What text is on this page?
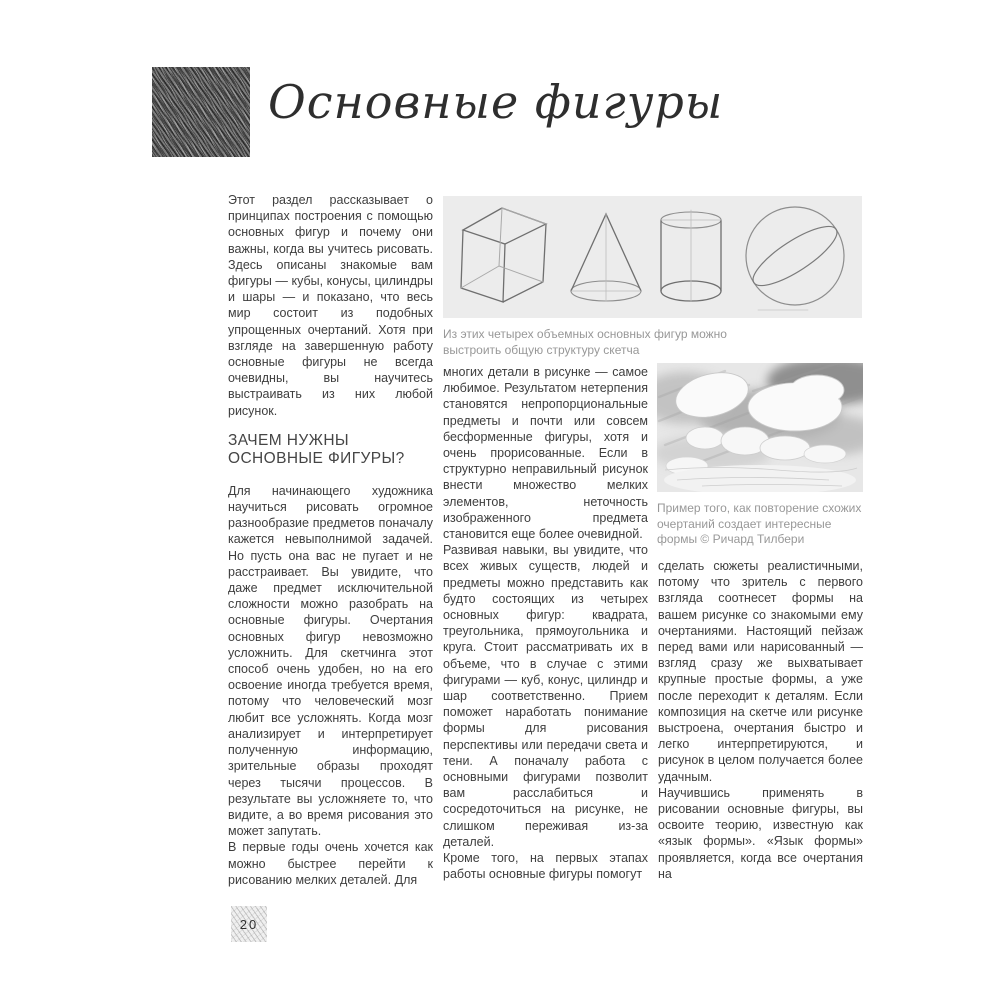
Основные фигуры

Этот раздел рассказывает о принципах построения с помощью основных фигур и почему они важны, когда вы учитесь рисовать. Здесь описаны знакомые вам фигуры — кубы, конусы, цилиндры и шары — и показано, что весь мир состоит из подобных упрощенных очертаний. Хотя при взгляде на завершенную работу основные фигуры не всегда очевидны, вы научитесь выстраивать из них любой рисунок.

ЗАЧЕМ НУЖНЫ
ОСНОВНЫЕ ФИГУРЫ?

Для начинающего художника научиться рисовать огромное разнообразие предметов поначалу кажется невыполнимой задачей. Но пусть она вас не пугает и не расстраивает. Вы увидите, что даже предмет исключительной сложности можно разобрать на основные фигуры. Очертания основных фигур невозможно усложнить. Для скетчинга этот способ очень удобен, но на его освоение иногда требуется время, потому что человеческий мозг любит все усложнять. Когда мозг анализирует и интерпретирует полученную информацию, зрительные образы проходят через тысячи процессов. В результате вы усложняете то, что видите, а во время рисования это может запутать.

В первые годы очень хочется как можно быстрее перейти к рисованию мелких деталей. Для

Из этих четырех объемных основных фигур можно выстроить общую структуру скетча

многих детали в рисунке — самое любимое. Результатом нетерпения становятся непропорциональные предметы и почти или совсем бесформенные фигуры, хотя и очень прорисованные. Если в структурно неправильный рисунок внести множество мелких элементов, неточность изображенного предмета становится еще более очевидной.

Развивая навыки, вы увидите, что всех живых существ, людей и предметы можно представить как будто состоящих из четырех основных фигур: квадрата, треугольника, прямоугольника и круга. Стоит рассматривать их в объеме, что в случае с этими фигурами — куб, конус, цилиндр и шар соответственно. Прием поможет наработать понимание формы для рисования перспективы или передачи света и тени. А поначалу работа с основными фигурами позволит вам расслабиться и сосредоточиться на рисунке, не слишком переживая из-за деталей.

Кроме того, на первых этапах работы основные фигуры помогут

Пример того, как повторение схожих очертаний создает интересные формы © Ричард Тилбери

сделать сюжеты реалистичными, потому что зритель с первого взгляда соотнесет формы на вашем рисунке со знакомыми ему очертаниями. Настоящий пейзаж перед вами или нарисованный — взгляд сразу же выхватывает крупные простые формы, а уже после переходит к деталям. Если композиция на скетче или рисунке выстроена, очертания быстро и легко интерпретируются, и рисунок в целом получается более удачным.

Научившись применять в рисовании основные фигуры, вы освоите теорию, известную как «язык формы». «Язык формы» проявляется, когда все очертания на

20
